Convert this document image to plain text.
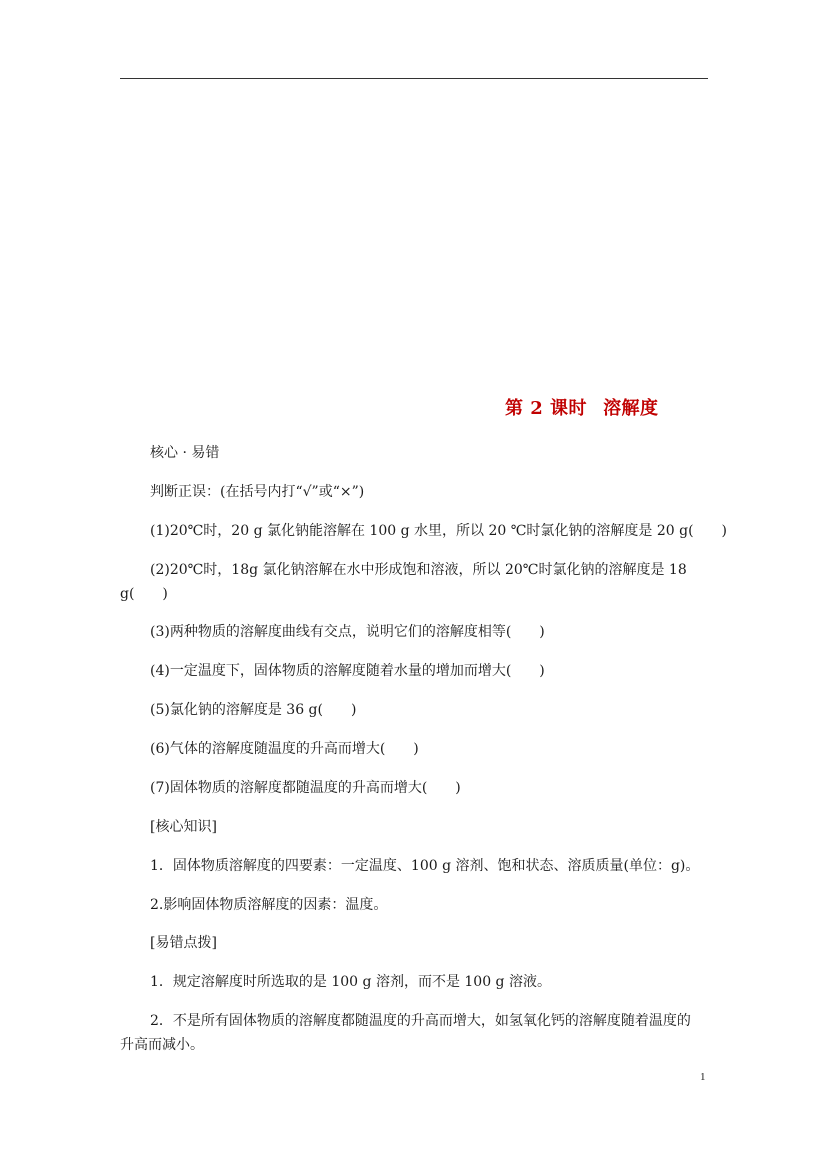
第 2 课时 溶解度
核心 · 易错
判断正误：(在括号内打“√”或“×”)
(1)20℃时，20 g 氯化钠能溶解在 100 g 水里，所以 20 ℃时氯化钠的溶解度是 20 g(　　)
(2)20℃时，18g 氯化钠溶解在水中形成饱和溶液，所以 20℃时氯化钠的溶解度是 18
g(　　)
(3)两种物质的溶解度曲线有交点，说明它们的溶解度相等(　　)
(4)一定温度下，固体物质的溶解度随着水量的增加而增大(　　)
(5)氯化钠的溶解度是 36 g(　　)
(6)气体的溶解度随温度的升高而增大(　　)
(7)固体物质的溶解度都随温度的升高而增大(　　)
[核心知识]
1．固体物质溶解度的四要素：一定温度、100 g 溶剂、饱和状态、溶质质量(单位：g)。
2.影响固体物质溶解度的因素：温度。
[易错点拨]
1．规定溶解度时所选取的是 100 g 溶剂，而不是 100 g 溶液。
2．不是所有固体物质的溶解度都随温度的升高而增大，如氢氧化钙的溶解度随着温度的
升高而减小。
1
